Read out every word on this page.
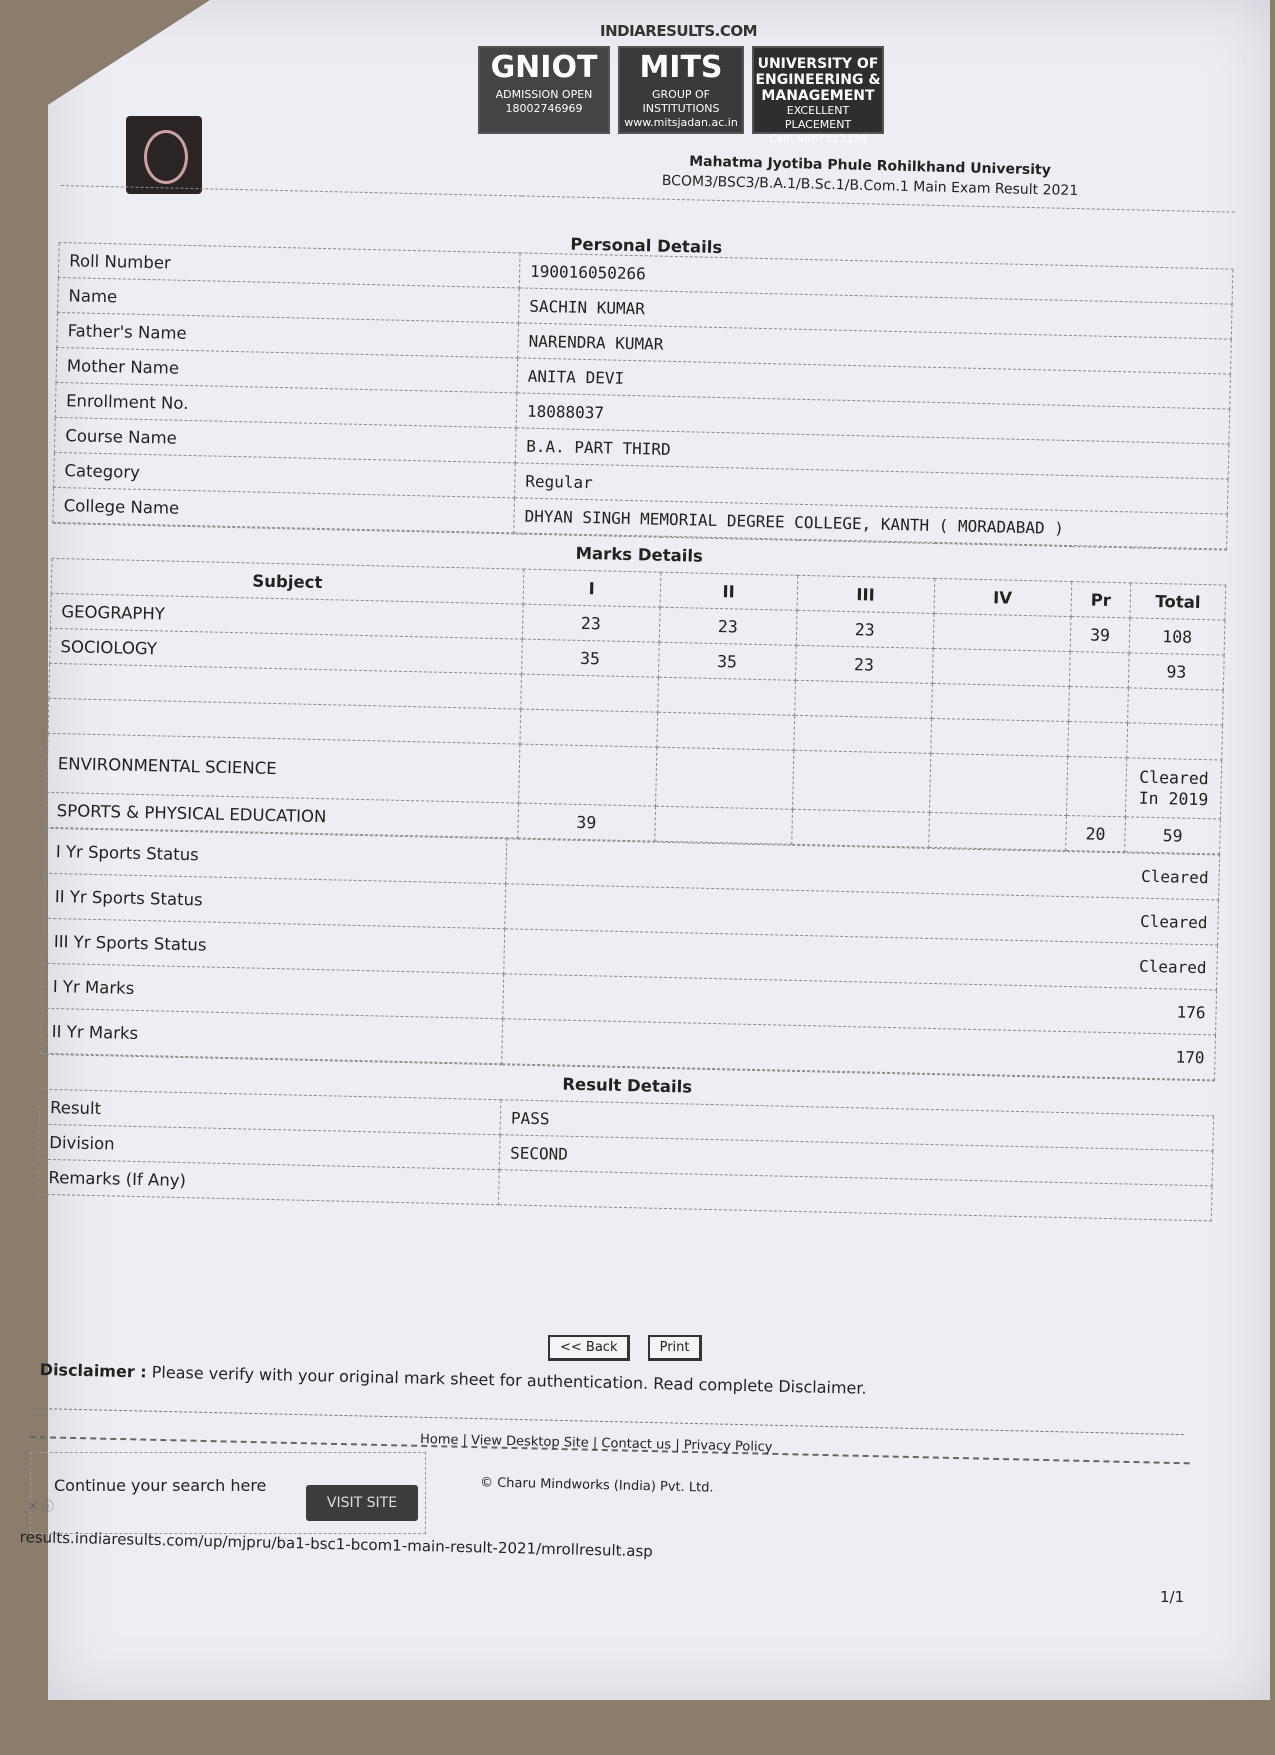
INDIARESULTS.COM
GNIOT
ADMISSION OPEN
18002746969
MITS
GROUP OF INSTITUTIONS
www.mitsjadan.ac.in
UNIVERSITY OF ENGINEERING & MANAGEMENT
EXCELLENT PLACEMENT
Call: 9887313330
Mahatma Jyotiba Phule Rohilkhand University
BCOM3/BSC3/B.A.1/B.Sc.1/B.Com.1 Main Exam Result 2021
Personal Details	
Roll Number	190016050266
Name	SACHIN KUMAR
Father's Name	NARENDRA KUMAR
Mother Name	ANITA DEVI
Enrollment No.	18088037
Course Name	B.A. PART THIRD
Category	Regular
College Name	DHYAN SINGH MEMORIAL DEGREE COLLEGE, KANTH ( MORADABAD )
Marks Details						
Subject	I	II	III	IV	Pr	Total
GEOGRAPHY	23	23	23		39	108
SOCIOLOGY	35	35	23			93

ENVIRONMENTAL SCIENCE						Cleared In 2019
SPORTS & PHYSICAL EDUCATION	39				20	59
I Yr Sports Status	Cleared
II Yr Sports Status	Cleared
III Yr Sports Status	Cleared
I Yr Marks	176
II Yr Marks	170
Result Details	
Result	PASS
Division	SECOND
Remarks (If Any)	
<< Back	Print
Disclaimer : Please verify with your original mark sheet for authentication. Read complete Disclaimer.
Home | View Desktop Site | Contact us | Privacy Policy
© Charu Mindworks (India) Pvt. Ltd.
Continue your search here
VISIT SITE
✕ ⓘ
results.indiaresults.com/up/mjpru/ba1-bsc1-bcom1-main-result-2021/mrollresult.asp
1/1
